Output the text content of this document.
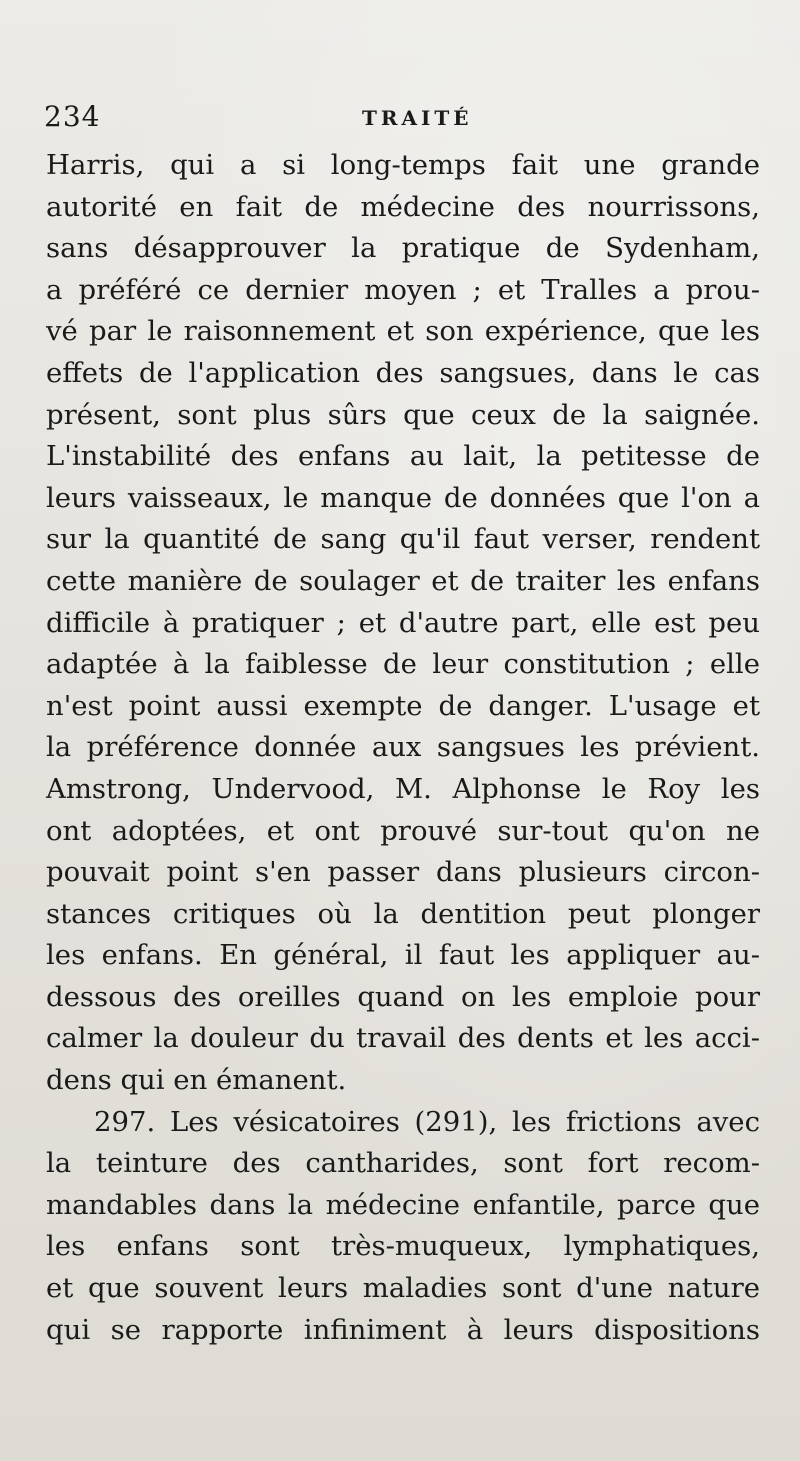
234	TRAITÉ
Harris, qui a si long-temps fait une grande
autorité en fait de médecine des nourrissons,
sans désapprouver la pratique de Sydenham,
a préféré ce dernier moyen ; et Tralles a prou-
vé par le raisonnement et son expérience, que les
effets de l'application des sangsues, dans le cas
présent, sont plus sûrs que ceux de la saignée.
L'instabilité des enfans au lait, la petitesse de
leurs vaisseaux, le manque de données que l'on a
sur la quantité de sang qu'il faut verser, rendent
cette manière de soulager et de traiter les enfans
difficile à pratiquer ; et d'autre part, elle est peu
adaptée à la faiblesse de leur constitution ; elle
n'est point aussi exempte de danger. L'usage et
la préférence donnée aux sangsues les prévient.
Amstrong, Undervood, M. Alphonse le Roy les
ont adoptées, et ont prouvé sur-tout qu'on ne
pouvait point s'en passer dans plusieurs circon-
stances critiques où la dentition peut plonger
les enfans. En général, il faut les appliquer au-
dessous des oreilles quand on les emploie pour
calmer la douleur du travail des dents et les acci-
dens qui en émanent.
297. Les vésicatoires (291), les frictions avec
la teinture des cantharides, sont fort recom-
mandables dans la médecine enfantile, parce que
les enfans sont très-muqueux, lymphatiques,
et que souvent leurs maladies sont d'une nature
qui se rapporte infiniment à leurs dispositions
